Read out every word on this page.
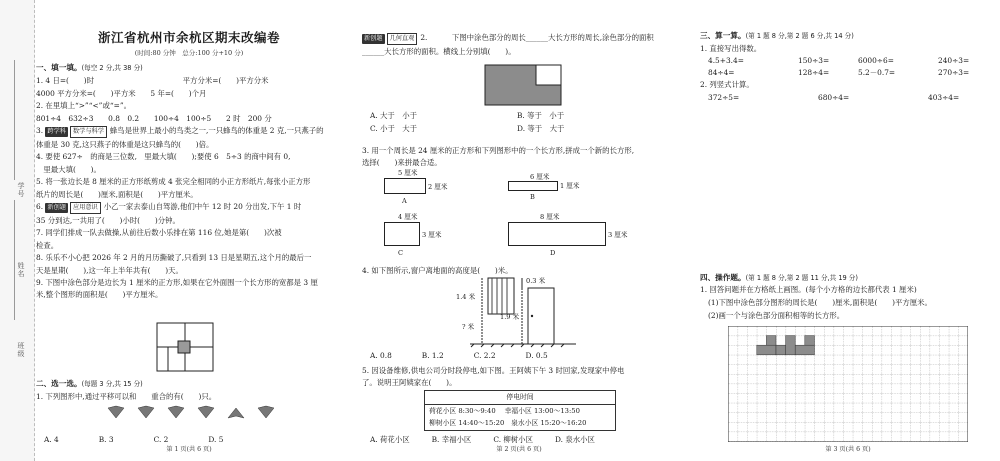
学号
姓名
班级
浙江省杭州市余杭区期末改编卷
(时间:80 分钟　总分:100 分+10 分)
一、填一填。(每空 2 分,共 38 分)
1. 4 日=(　　)时　　　　　　　　　　　　平方分米=(　　)平方分米
4000 平方分米=(　　)平方米　　5 年=(　　)个月
2. 在里填上“>”“<”或“=”。
801÷4　632÷3　　0.8　0.2　　100÷4　100÷5　　2 时　200 分
3. 跨学科 数学与科学 蜂鸟是世界上最小的鸟类之一,一只蜂鸟的体重是 2 克,一只燕子的
体重是 30 克,这只燕子的体重是这只蜂鸟的(　　)倍。
4. 要使 627÷　的商是三位数,　里最大填(　　);要使 6　5÷3 的商中间有 0,
　里最大填(　　)。
5. 将一张边长是 8 厘米的正方形纸剪成 4 张完全相同的小正方形纸片,每张小正方形
纸片的周长是(　　)厘米,面积是(　　)平方厘米。
6. 新创题 应用意识 小乙一家去泰山自驾游,他们中午 12 时 20 分出发,下午 1 时
35 分到达,一共用了(　　)小时(　　)分钟。
7. 同学们排成一队去做操,从前往后数小乐排在第 116 位,她是第(　　)次被
检查。
8. 乐乐不小心把 2026 年 2 月的月历撕破了,只看到 13 日是星期五,这个月的最后一
天是星期(　　),这一年上半年共有(　　)天。
9. 下图中涂色部分是边长为 1 厘米的正方形,如果在它外面围一个长方形的宽都是 3 厘
米,整个图形的面积是(　　)平方厘米。
二、选一选。(每题 3 分,共 15 分)
1. 下列图形中,通过平移可以和　　重合的有(　　)只。
A. 4	B. 3	C. 2	D. 5
第 1 页(共 6 页)
新创题 几何直观 2. 　　　下图中涂色部分的周长______大长方形的周长,涂色部分的面积
______大长方形的面积。横线上分别填(　　)。
A. 大于　小于	B. 等于　小于
C. 小于　大于	D. 等于　大于
3. 用一个周长是 24 厘米的正方形和下列图形中的一个长方形,拼成一个新的长方形,
选择(　　)来拼最合适。
5 厘米
2 厘米
A
6 厘米
1 厘米
B
4 厘米
3 厘米
C
8 厘米
3 厘米
D
4. 如下图所示,窗户离地面的高度是(　　)米。
0.3 米
1.4 米
1.9 米
? 米
A. 0.8	B. 1.2	C. 2.2	D. 0.5
5. 因设备维修,供电公司分时段停电,如下图。王阿姨下午 3 时回家,发现家中停电
了。说明王阿姨家在(　　)。
停电时间
荷花小区 8:30～9:40　 幸福小区 13:00～13:50
柳树小区 14:40～15:20　泉水小区 15:20～16:20
A. 荷花小区	B. 幸福小区	C. 柳树小区	D. 泉水小区
第 2 页(共 6 页)
三、算一算。(第 1 题 8 分,第 2 题 6 分,共 14 分)
1. 直接写出得数。
4.5+3.4=	150÷3=	6000÷6=	240÷3=
84÷4=	128÷4=	5.2－0.7=	270÷3=
2. 列竖式计算。
372÷5=	680÷4=	403÷4=
四、操作题。(第 1 题 8 分,第 2 题 11 分,共 19 分)
1. 回答问题并在方格纸上画图。(每个小方格的边长都代表 1 厘米)
(1)下图中涂色部分图形的周长是(　　)厘米,面积是(　　)平方厘米。
(2)画一个与涂色部分面积相等的长方形。
第 3 页(共 6 页)
